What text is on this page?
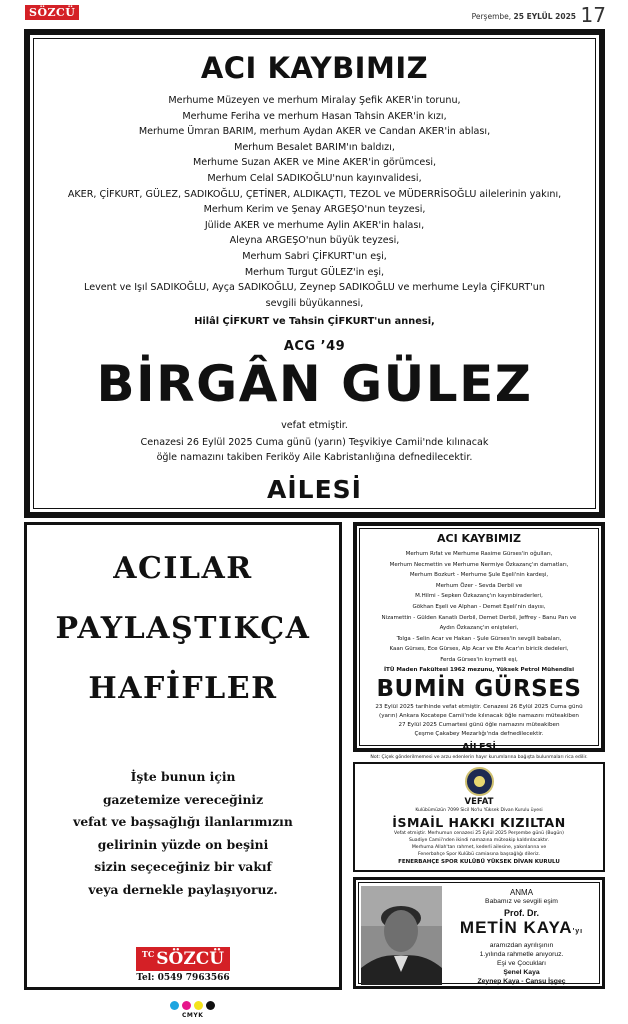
SÖZCÜ	Perşembe, 25 EYLÜL 2025 17
ACI KAYBIMIZ
Merhume Müzeyen ve merhum Miralay Şefik AKER'in torunu,
Merhume Feriha ve merhum Hasan Tahsin AKER'in kızı,
Merhume Ümran BARIM, merhum Aydan AKER ve Candan AKER'in ablası,
Merhum Besalet BARIM'ın baldızı,
Merhume Suzan AKER ve Mine AKER'in görümcesi,
Merhum Celal SADIKOĞLU'nun kayınvalidesi,
AKER, ÇİFKURT, GÜLEZ, SADIKOĞLU, ÇETİNER, ALDIKAÇTI, TEZOL ve MÜDERRİSOĞLU ailelerinin yakını,
Merhum Kerim ve Şenay ARGEŞO'nun teyzesi,
Jülide AKER ve merhume Aylin AKER'in halası,
Aleyna ARGEŞO'nun büyük teyzesi,
Merhum Sabri ÇİFKURT'un eşi,
Merhum Turgut GÜLEZ'in eşi,
Levent ve Işıl SADIKOĞLU, Ayça SADIKOĞLU, Zeynep SADIKOĞLU ve merhume Leyla ÇİFKURT'un
sevgili büyükannesi,
Hilâl ÇİFKURT ve Tahsin ÇİFKURT'un annesi,
ACG ’49
BİRGÂN GÜLEZ
vefat etmiştir.
Cenazesi 26 Eylül 2025 Cuma günü (yarın) Teşvikiye Camii'nde kılınacak
öğle namazını takiben Feriköy Aile Kabristanlığına defnedilecektir.
AİLESİ
ACILAR
PAYLAŞTIKÇA
HAFİFLER
İşte bunun için
gazetemize vereceğiniz
vefat ve başsağlığı ilanlarımızın
gelirinin yüzde on beşini
sizin seçeceğiniz bir vakıf
veya dernekle paylaşıyoruz.
$^{TC}$ SÖZCÜ
Tel: 0549 7963566
ACI KAYBIMIZ
Merhum Rıfat ve Merhume Rasime Gürses'in oğulları,
Merhum Necmettin ve Merhume Nermiye Özkazanç'ın damatları,
Merhum Bozkurt - Merhume Şule Eşeli'nin kardeşi,
Merhum Özer - Sevda Derbil ve
M.Hilmi - Sepken Özkazanç'ın kayınbiraderleri,
Gökhan Eşeli ve Alphan - Demet Eşeli'nin dayısı,
Nizamettin - Gülden Kanatlı Derbil, Demet Derbil, Jeffrey - Banu Pan ve
Aydın Özkazanç'ın enişteleri,
Tolga - Selin Acar ve Hakan - Şule Gürses'in sevgili babaları,
Kaan Gürses, Ece Gürses, Alp Acar ve Efe Acar'ın biricik dedeleri,
Ferda Gürses'in kıymetli eşi,
İTÜ Maden Fakültesi 1962 mezunu, Yüksek Petrol Mühendisi
BUMİN GÜRSES
23 Eylül 2025 tarihinde vefat etmiştir. Cenazesi 26 Eylül 2025 Cuma günü
(yarın) Ankara Kocatepe Camii'nde kılınacak öğle namazını müteakiben
27 Eylül 2025 Cumartesi günü öğle namazını müteakiben
Çeşme Çakabey Mezarlığı'nda defnedilecektir.
AİLESİ
Not: Çiçek gönderilmemesi ve arzu edenlerin hayır kurumlarına bağışta bulunmaları rica edilir.
VEFAT
Kulübümüzün 7099 Sicil No'lu Yüksek Divan Kurulu üyesi
İSMAİL HAKKI KIZILTAN
Vefat etmiştir. Merhumun cenazesi 25 Eylül 2025 Perşembe günü (Bugün)
Suadiye Camii'nden ikindi namazına müteakip kaldırılacaktır.
Merhuma Allah'tan rahmet, kederli ailesine, yakınlarına ve
Fenerbahçe Spor Kulübü camiasına başsağlığı dileriz.
FENERBAHÇE SPOR KULÜBÜ YÜKSEK DİVAN KURULU
ANMA
Babamız ve sevgili eşim
Prof. Dr.
METİN KAYA'yı
aramızdan ayrılışının
1.yılında rahmetle anıyoruz.
Eşi ve Çocukları
Şenel Kaya
Zeynep Kaya - Cansu İşgeç
CMYK
